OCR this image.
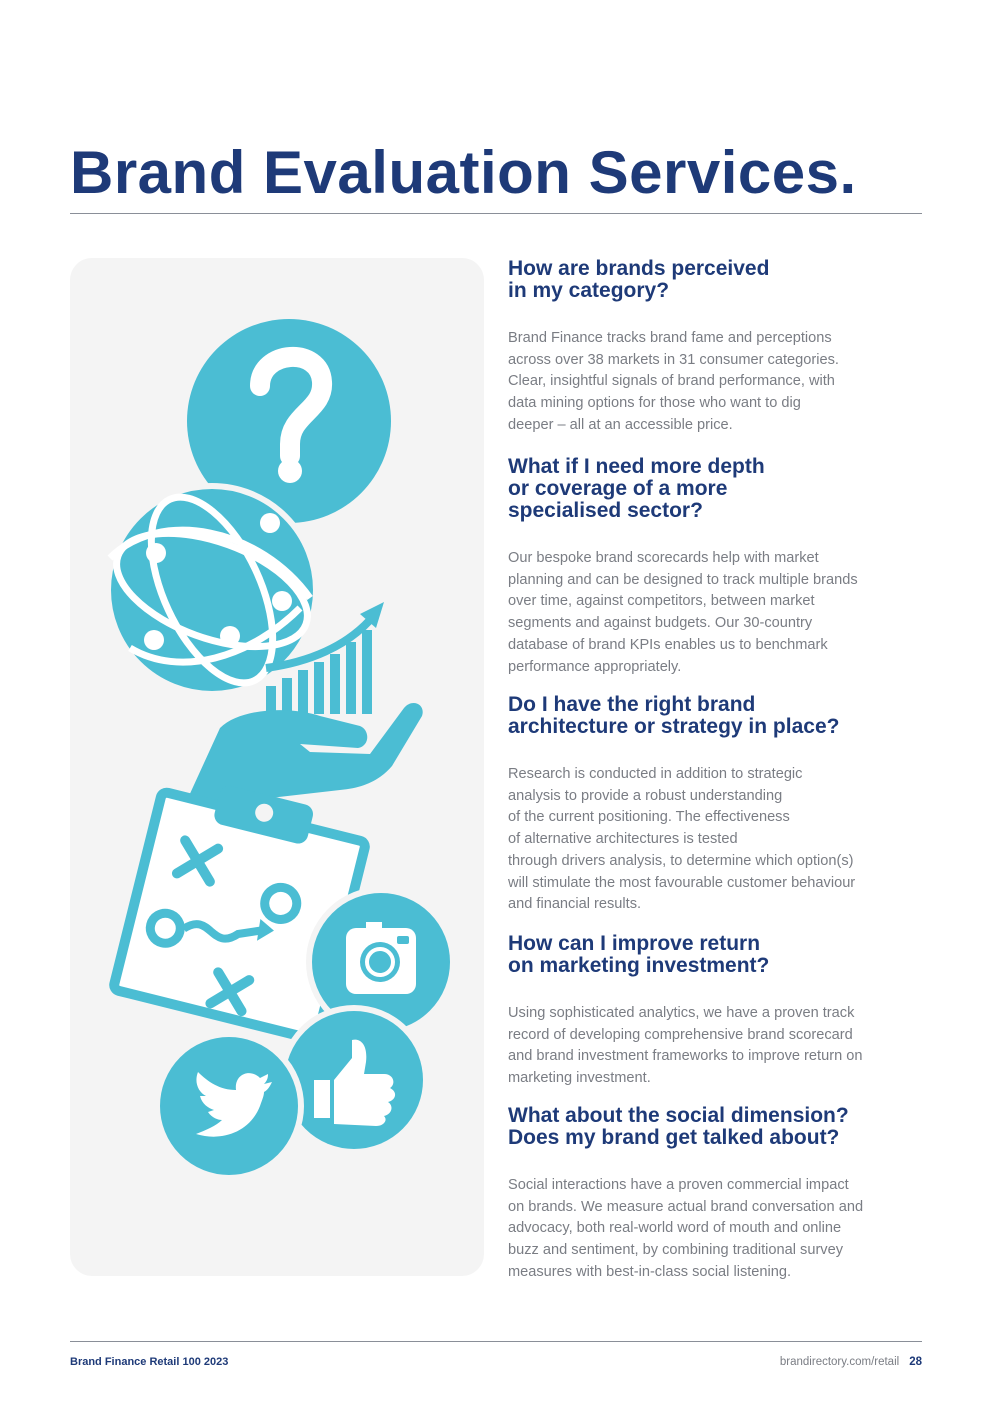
Brand Evaluation Services.
How are brands perceived
in my category?

Brand Finance tracks brand fame and perceptions
across over 38 markets in 31 consumer categories.
Clear, insightful signals of brand performance, with
data mining options for those who want to dig
deeper – all at an accessible price.

What if I need more depth
or coverage of a more
specialised sector?

Our bespoke brand scorecards help with market
planning and can be designed to track multiple brands
over time, against competitors, between market
segments and against budgets. Our 30-country
database of brand KPIs enables us to benchmark
performance appropriately.

Do I have the right brand
architecture or strategy in place?

Research is conducted in addition to strategic
analysis to provide a robust understanding
of the current positioning. The effectiveness
of alternative architectures is tested
through drivers analysis, to determine which option(s)
will stimulate the most favourable customer behaviour
and financial results.

How can I improve return
on marketing investment?

Using sophisticated analytics, we have a proven track
record of developing comprehensive brand scorecard
and brand investment frameworks to improve return on
marketing investment.

What about the social dimension?
Does my brand get talked about?

Social interactions have a proven commercial impact
on brands. We measure actual brand conversation and
advocacy, both real-world word of mouth and online
buzz and sentiment, by combining traditional survey
measures with best-in-class social listening.

Brand Finance Retail 100 2023	brandirectory.com/retail 28
